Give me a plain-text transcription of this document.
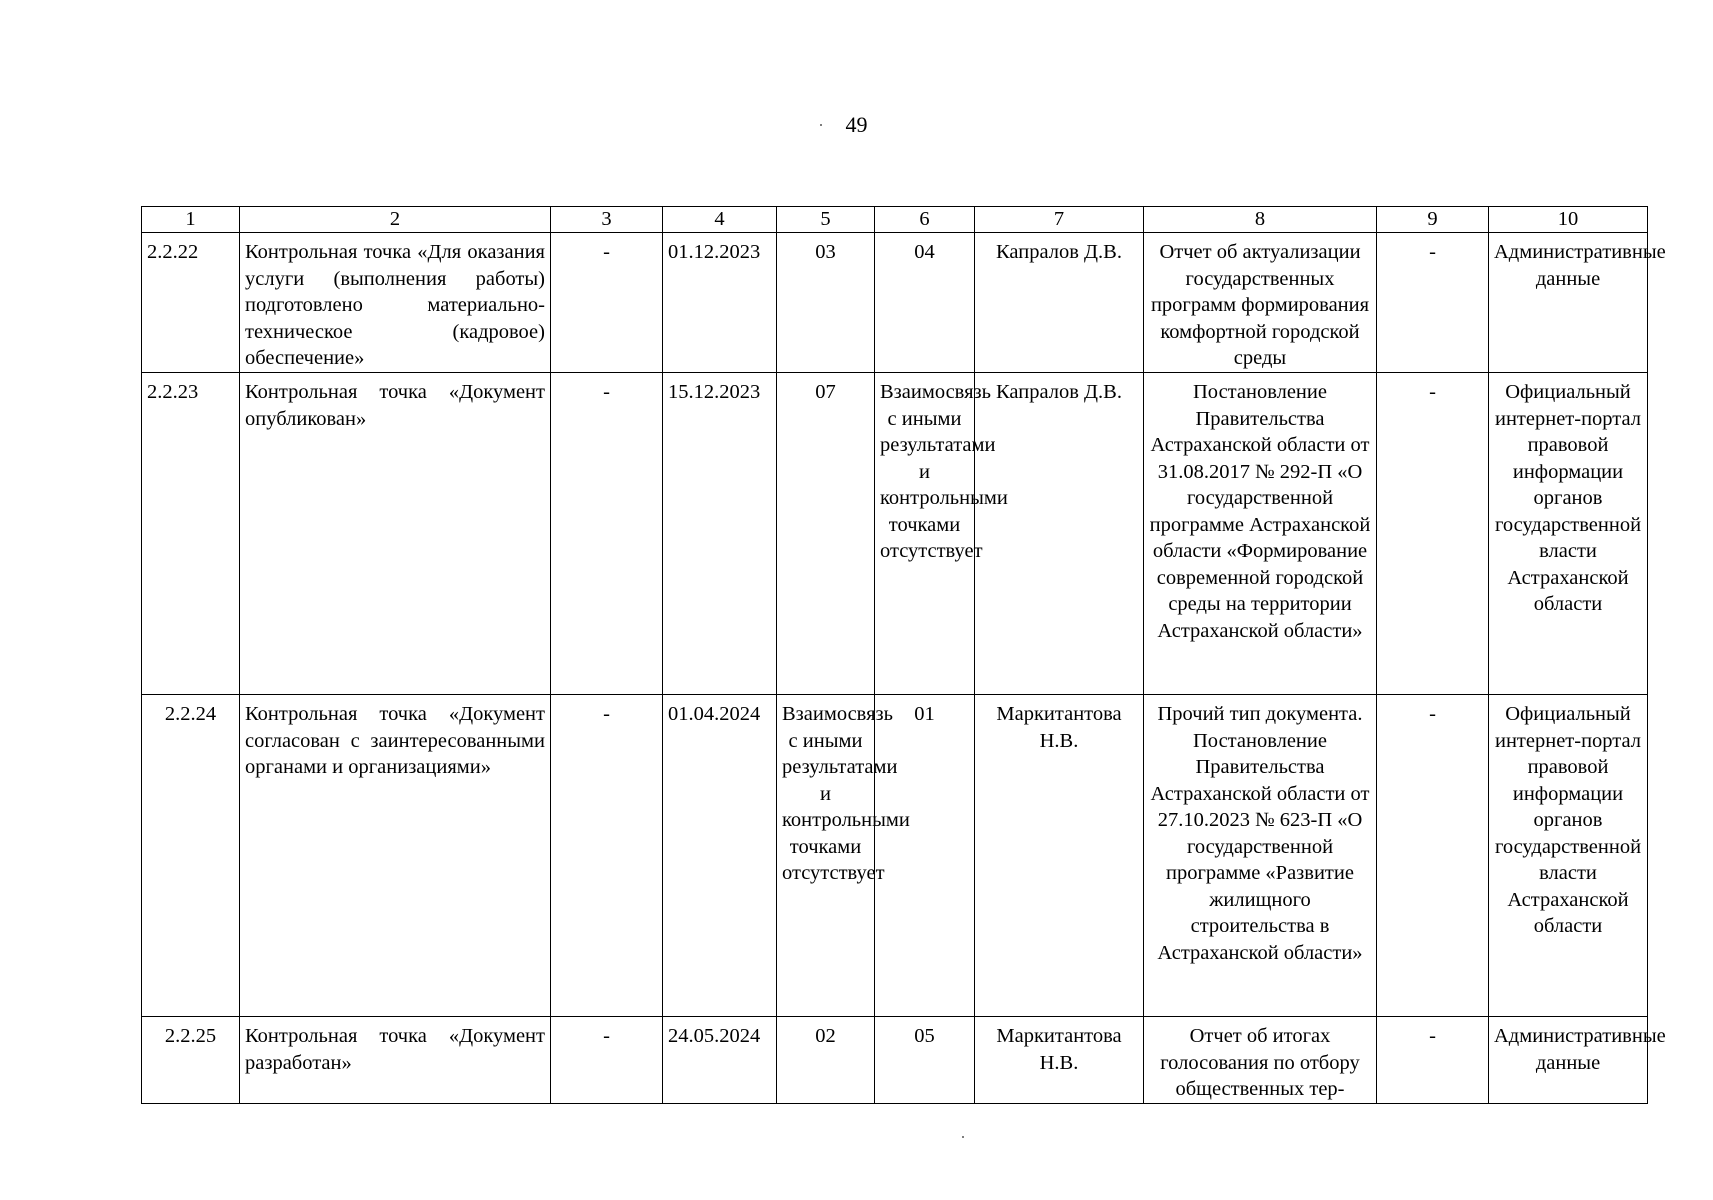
49
1	2	3	4	5	6	7	8	9	10
2.2.22	Контрольная точка «Для оказания услуги (выполнения работы) подготовлено материально-техническое (кадровое) обеспечение»	-	01.12.2023	03	04	Капралов Д.В.	Отчет об актуализации государственных программ формирования комфортной городской среды	-	Административные данные
2.2.23	Контрольная точка «Документ опубликован»	-	15.12.2023	07	Взаимосвязь с иными результатами и контрольными точками отсутствует	Капралов Д.В.	Постановление Правительства Астраханской области от 31.08.2017 № 292-П «О государственной программе Астраханской области «Формирование современной городской среды на территории Астраханской области»	-	Официальный интернет-портал правовой информации органов государственной власти Астраханской области
2.2.24	Контрольная точка «Документ согласован с заинтересованными органами и организациями»	-	01.04.2024	Взаимосвязь с иными результатами и контрольными точками отсутствует	01	Маркитантова Н.В.	Прочий тип документа. Постановление Правительства Астраханской области от 27.10.2023 № 623-П «О государственной программе «Развитие жилищного строительства в Астраханской области»	-	Официальный интернет-портал правовой информации органов государственной власти Астраханской области
2.2.25	Контрольная точка «Документ разработан»	-	24.05.2024	02	05	Маркитантова Н.В.	Отчет об итогах голосования по отбору общественных тер-	-	Административные данные
